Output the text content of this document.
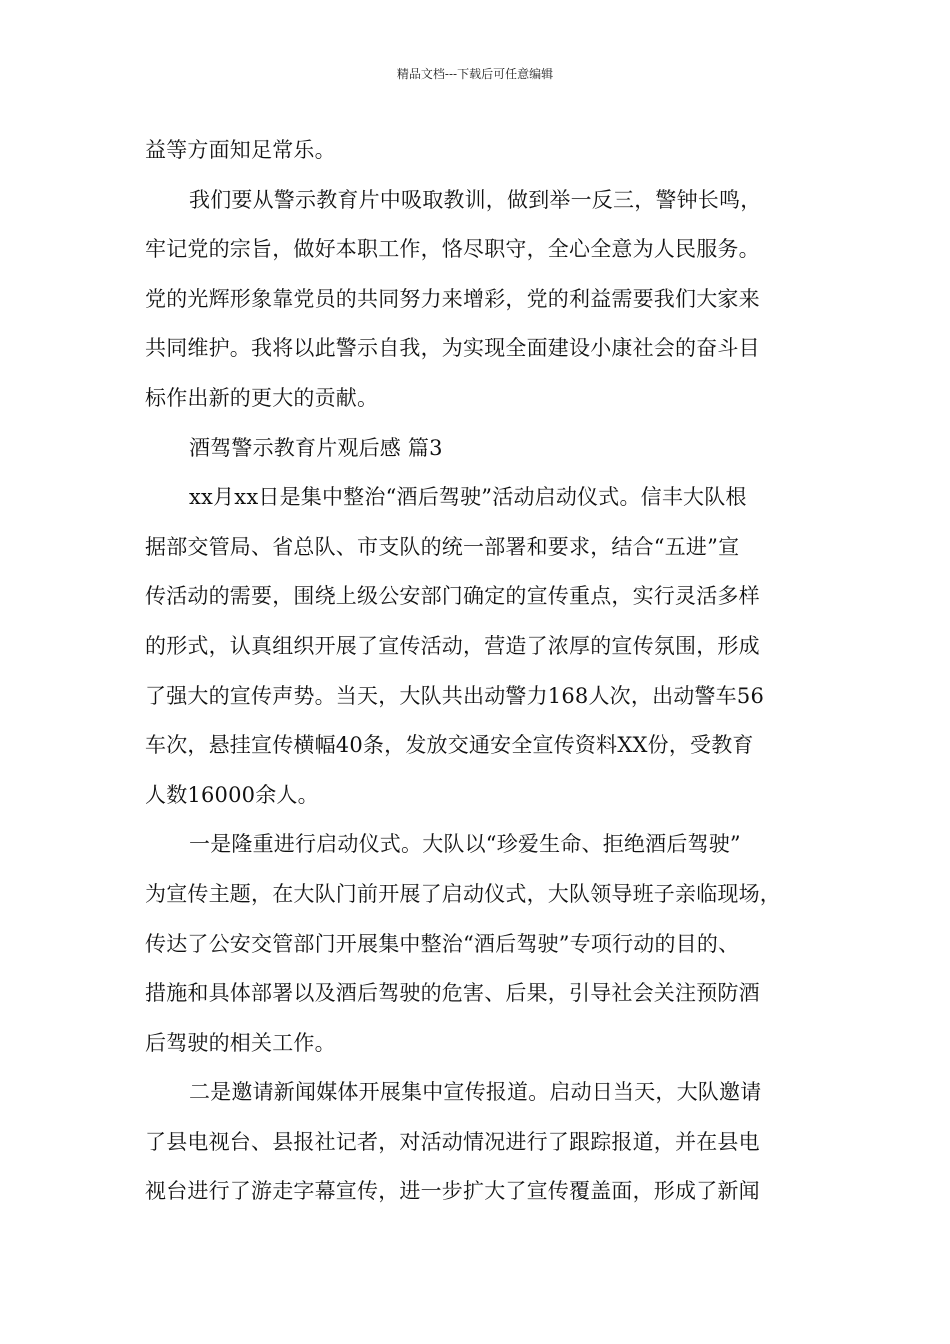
精品文档---下载后可任意编辑
益等方面知足常乐。
我们要从警示教育片中吸取教训，做到举一反三，警钟长鸣，
牢记党的宗旨，做好本职工作，恪尽职守，全心全意为人民服务。
党的光辉形象靠党员的共同努力来增彩，党的利益需要我们大家来
共同维护。我将以此警示自我，为实现全面建设小康社会的奋斗目
标作出新的更大的贡献。
酒驾警示教育片观后感 篇3
xx月xx日是集中整治“酒后驾驶”活动启动仪式。信丰大队根
据部交管局、省总队、市支队的统一部署和要求，结合“五进”宣
传活动的需要，围绕上级公安部门确定的宣传重点，实行灵活多样
的形式，认真组织开展了宣传活动，营造了浓厚的宣传氛围，形成
了强大的宣传声势。当天，大队共出动警力168人次，出动警车56
车次，悬挂宣传横幅40条，发放交通安全宣传资料XX份，受教育
人数16000余人。
一是隆重进行启动仪式。大队以“珍爱生命、拒绝酒后驾驶”
为宣传主题，在大队门前开展了启动仪式，大队领导班子亲临现场，
传达了公安交管部门开展集中整治“酒后驾驶”专项行动的目的、
措施和具体部署以及酒后驾驶的危害、后果，引导社会关注预防酒
后驾驶的相关工作。
二是邀请新闻媒体开展集中宣传报道。启动日当天，大队邀请
了县电视台、县报社记者，对活动情况进行了跟踪报道，并在县电
视台进行了游走字幕宣传，进一步扩大了宣传覆盖面，形成了新闻
